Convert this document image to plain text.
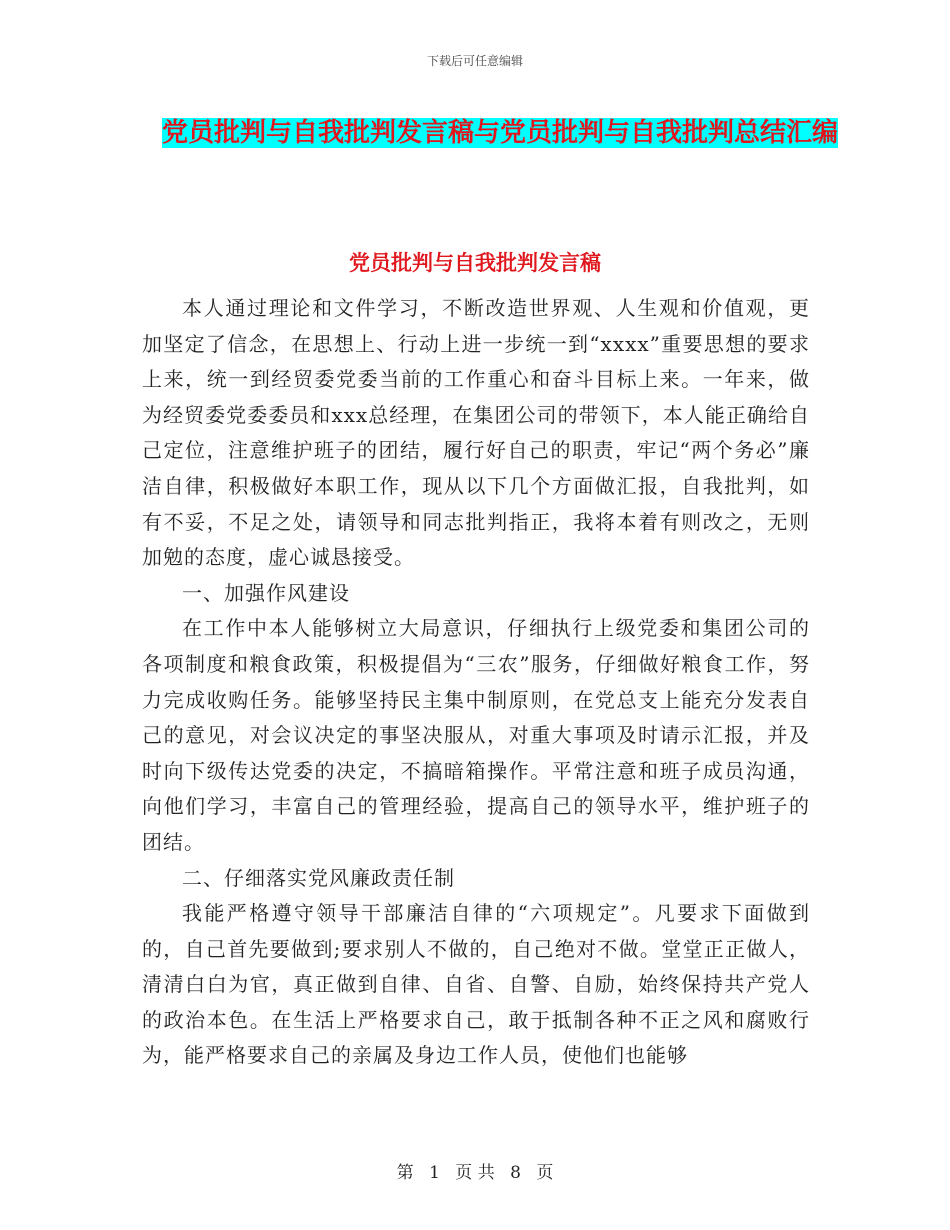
下载后可任意编辑
党员批判与自我批判发言稿与党员批判与自我批判总结汇编
党员批判与自我批判发言稿

本人通过理论和文件学习，不断改造世界观、人生观和价值观，更加坚定了信念，在思想上、行动上进一步统一到“xxxx”重要思想的要求上来，统一到经贸委党委当前的工作重心和奋斗目标上来。一年来，做为经贸委党委委员和xxx总经理，在集团公司的带领下，本人能正确给自己定位，注意维护班子的团结，履行好自己的职责，牢记“两个务必”廉洁自律，积极做好本职工作，现从以下几个方面做汇报，自我批判，如有不妥，不足之处，请领导和同志批判指正，我将本着有则改之，无则加勉的态度，虚心诚恳接受。

一、加强作风建设

在工作中本人能够树立大局意识，仔细执行上级党委和集团公司的各项制度和粮食政策，积极提倡为“三农”服务，仔细做好粮食工作，努力完成收购任务。能够坚持民主集中制原则，在党总支上能充分发表自己的意见，对会议决定的事坚决服从，对重大事项及时请示汇报，并及时向下级传达党委的决定，不搞暗箱操作。平常注意和班子成员沟通，向他们学习，丰富自己的管理经验，提高自己的领导水平，维护班子的团结。

二、仔细落实党风廉政责任制

我能严格遵守领导干部廉洁自律的“六项规定”。凡要求下面做到的，自己首先要做到;要求别人不做的，自己绝对不做。堂堂正正做人，清清白白为官，真正做到自律、自省、自警、自励，始终保持共产党人的政治本色。在生活上严格要求自己，敢于抵制各种不正之风和腐败行为，能严格要求自己的亲属及身边工作人员，使他们也能够

第 1 页 共 8 页
